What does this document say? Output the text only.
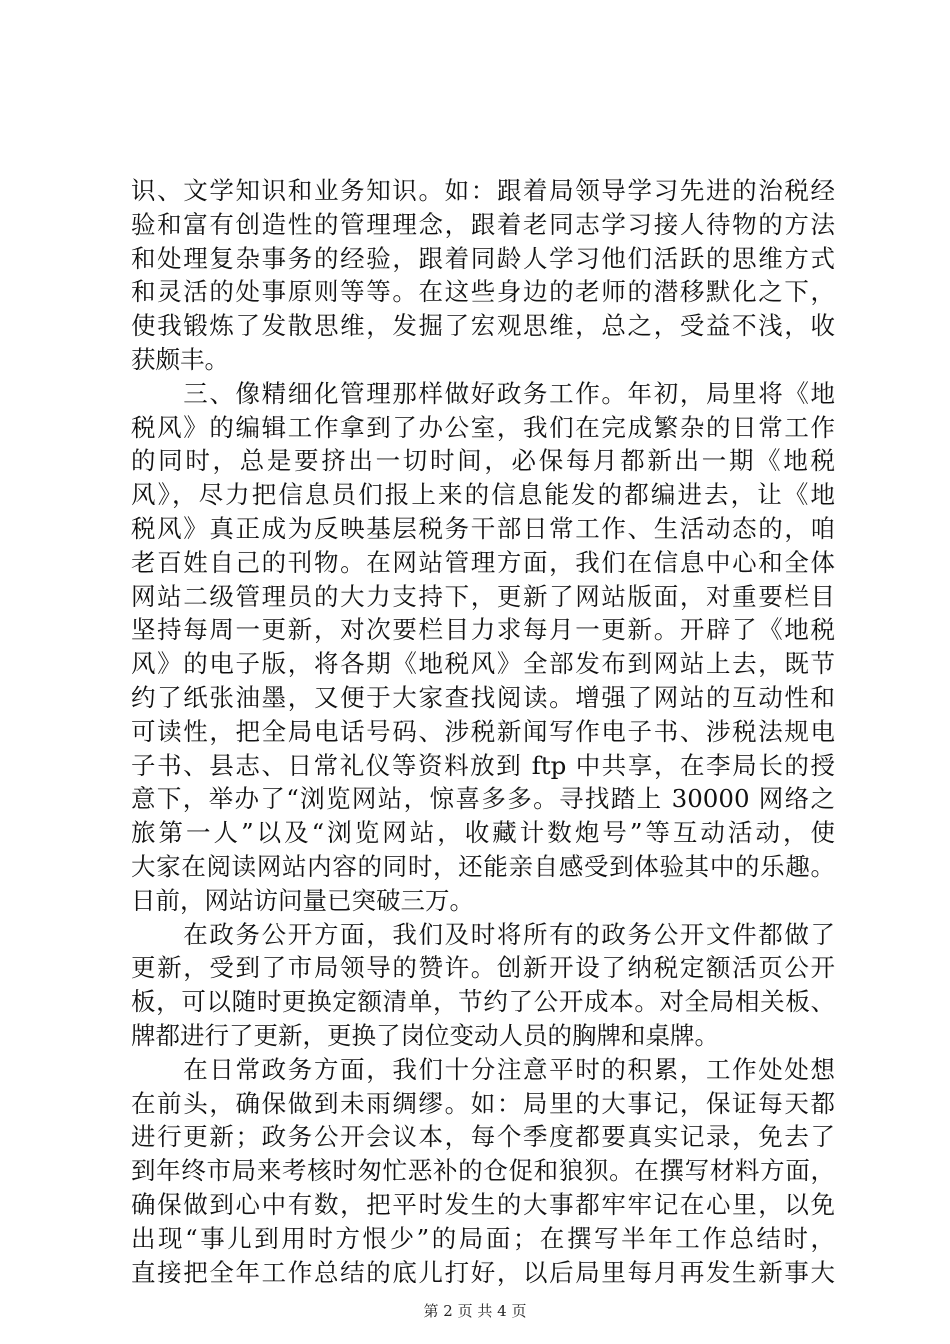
识、文学知识和业务知识。如：跟着局领导学习先进的治税经
验和富有创造性的管理理念，跟着老同志学习接人待物的方法
和处理复杂事务的经验，跟着同龄人学习他们活跃的思维方式
和灵活的处事原则等等。在这些身边的老师的潜移默化之下，
使我锻炼了发散思维，发掘了宏观思维，总之，受益不浅，收
获颇丰。
　　三、像精细化管理那样做好政务工作。年初，局里将《地
税风》的编辑工作拿到了办公室，我们在完成繁杂的日常工作
的同时，总是要挤出一切时间，必保每月都新出一期《地税
风》，尽力把信息员们报上来的信息能发的都编进去，让《地
税风》真正成为反映基层税务干部日常工作、生活动态的，咱
老百姓自己的刊物。在网站管理方面，我们在信息中心和全体
网站二级管理员的大力支持下，更新了网站版面，对重要栏目
坚持每周一更新，对次要栏目力求每月一更新。开辟了《地税
风》的电子版，将各期《地税风》全部发布到网站上去，既节
约了纸张油墨，又便于大家查找阅读。增强了网站的互动性和
可读性，把全局电话号码、涉税新闻写作电子书、涉税法规电
子书、县志、日常礼仪等资料放到 ftp 中共享，在李局长的授
意下，举办了“浏览网站，惊喜多多。寻找踏上 30000 网络之
旅第一人”以及“浏览网站，收藏计数炮号”等互动活动，使
大家在阅读网站内容的同时，还能亲自感受到体验其中的乐趣。
日前，网站访问量已突破三万。
　　在政务公开方面，我们及时将所有的政务公开文件都做了
更新，受到了市局领导的赞许。创新开设了纳税定额活页公开
板，可以随时更换定额清单，节约了公开成本。对全局相关板、
牌都进行了更新，更换了岗位变动人员的胸牌和桌牌。
　　在日常政务方面，我们十分注意平时的积累，工作处处想
在前头，确保做到未雨绸缪。如：局里的大事记，保证每天都
进行更新；政务公开会议本，每个季度都要真实记录，免去了
到年终市局来考核时匆忙恶补的仓促和狼狈。在撰写材料方面，
确保做到心中有数，把平时发生的大事都牢牢记在心里，以免
出现“事儿到用时方恨少”的局面；在撰写半年工作总结时，
直接把全年工作总结的底儿打好，以后局里每月再发生新事大
第 2 页 共 4 页
